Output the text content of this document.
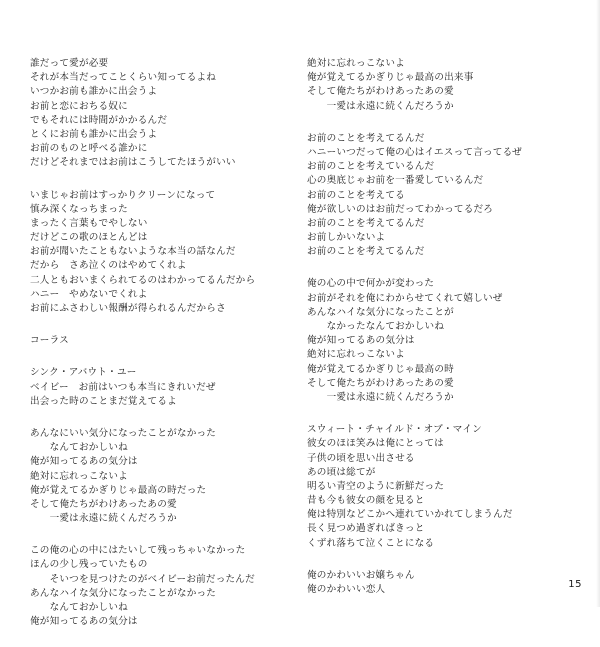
誰だって愛が必要
それが本当だってことくらい知ってるよね
いつかお前も誰かに出会うよ
お前と恋におちる奴に
でもそれには時間がかかるんだ
とくにお前も誰かに出会うよ
お前のものと呼べる誰かに
だけどそれまではお前はこうしてたほうがいい
いまじゃお前はすっかりクリーンになって
慎み深くなっちまった
まったく言葉もでやしない
だけどこの歌のほとんどは
お前が聞いたこともないような本当の話なんだ
だから　さあ泣くのはやめてくれよ
二人ともおいまくられてるのはわかってるんだから
ハニー　やめないでくれよ
お前にふさわしい報酬が得られるんだからさ
コーラス
シンク・アバウト・ユー
ベイビー　お前はいつも本当にきれいだぜ
出会った時のことまだ覚えてるよ
あんなにいい気分になったことがなかった
　　なんておかしいね
俺が知ってるあの気分は
絶対に忘れっこないよ
俺が覚えてるかぎりじゃ最高の時だった
そして俺たちがわけあったあの愛
　　一愛は永遠に続くんだろうか
この俺の心の中にはたいして残っちゃいなかった
ほんの少し残っていたもの
　　そいつを見つけたのがベイビーお前だったんだ
あんなハイな気分になったことがなかった
　　なんておかしいね
俺が知ってるあの気分は
絶対に忘れっこないよ
俺が覚えてるかぎりじゃ最高の出来事
そして俺たちがわけあったあの愛
　　一愛は永遠に続くんだろうか
お前のことを考えてるんだ
ハニーいつだって俺の心はイエスって言ってるぜ
お前のことを考えているんだ
心の奥底じゃお前を一番愛しているんだ
お前のことを考えてる
俺が欲しいのはお前だってわかってるだろ
お前のことを考えてるんだ
お前しかいないよ
お前のことを考えてるんだ
俺の心の中で何かが変わった
お前がそれを俺にわからせてくれて嬉しいぜ
あんなハイな気分になったことが
　　なかったなんておかしいね
俺が知ってるあの気分は
絶対に忘れっこないよ
俺が覚えてるかぎりじゃ最高の時
そして俺たちがわけあったあの愛
　　一愛は永遠に続くんだろうか
スウィート・チャイルド・オブ・マイン
彼女のほほ笑みは俺にとっては
子供の頃を思い出させる
あの頃は総てが
明るい青空のように新鮮だった
昔も今も彼女の顔を見ると
俺は特別などこかへ連れていかれてしまうんだ
長く見つめ過ぎればきっと
くずれ落ちて泣くことになる
俺のかわいいお嬢ちゃん
俺のかわいい恋人	15
